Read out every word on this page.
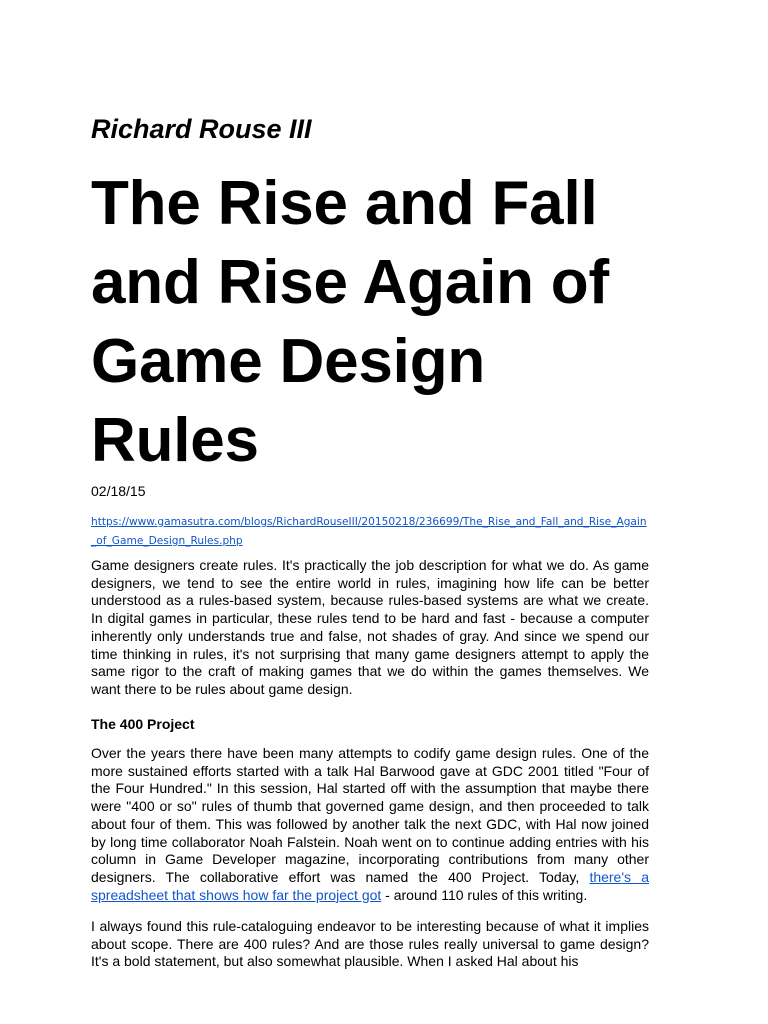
Richard Rouse III

The Rise and Fall and Rise Again of Game Design Rules

02/18/15

https://www.gamasutra.com/blogs/RichardRouseIII/20150218/236699/The_Rise_and_Fall_and_Rise_Again_of_Game_Design_Rules.php

Game designers create rules. It's practically the job description for what we do. As game designers, we tend to see the entire world in rules, imagining how life can be better understood as a rules-based system, because rules-based systems are what we create. In digital games in particular, these rules tend to be hard and fast - because a computer inherently only understands true and false, not shades of gray. And since we spend our time thinking in rules, it's not surprising that many game designers attempt to apply the same rigor to the craft of making games that we do within the games themselves. We want there to be rules about game design.

The 400 Project

Over the years there have been many attempts to codify game design rules. One of the more sustained efforts started with a talk Hal Barwood gave at GDC 2001 titled "Four of the Four Hundred." In this session, Hal started off with the assumption that maybe there were "400 or so" rules of thumb that governed game design, and then proceeded to talk about four of them. This was followed by another talk the next GDC, with Hal now joined by long time collaborator Noah Falstein. Noah went on to continue adding entries with his column in Game Developer magazine, incorporating contributions from many other designers. The collaborative effort was named the 400 Project. Today, there's a spreadsheet that shows how far the project got - around 110 rules of this writing.

I always found this rule-cataloguing endeavor to be interesting because of what it implies about scope. There are 400 rules? And are those rules really universal to game design? It's a bold statement, but also somewhat plausible. When I asked Hal about his
